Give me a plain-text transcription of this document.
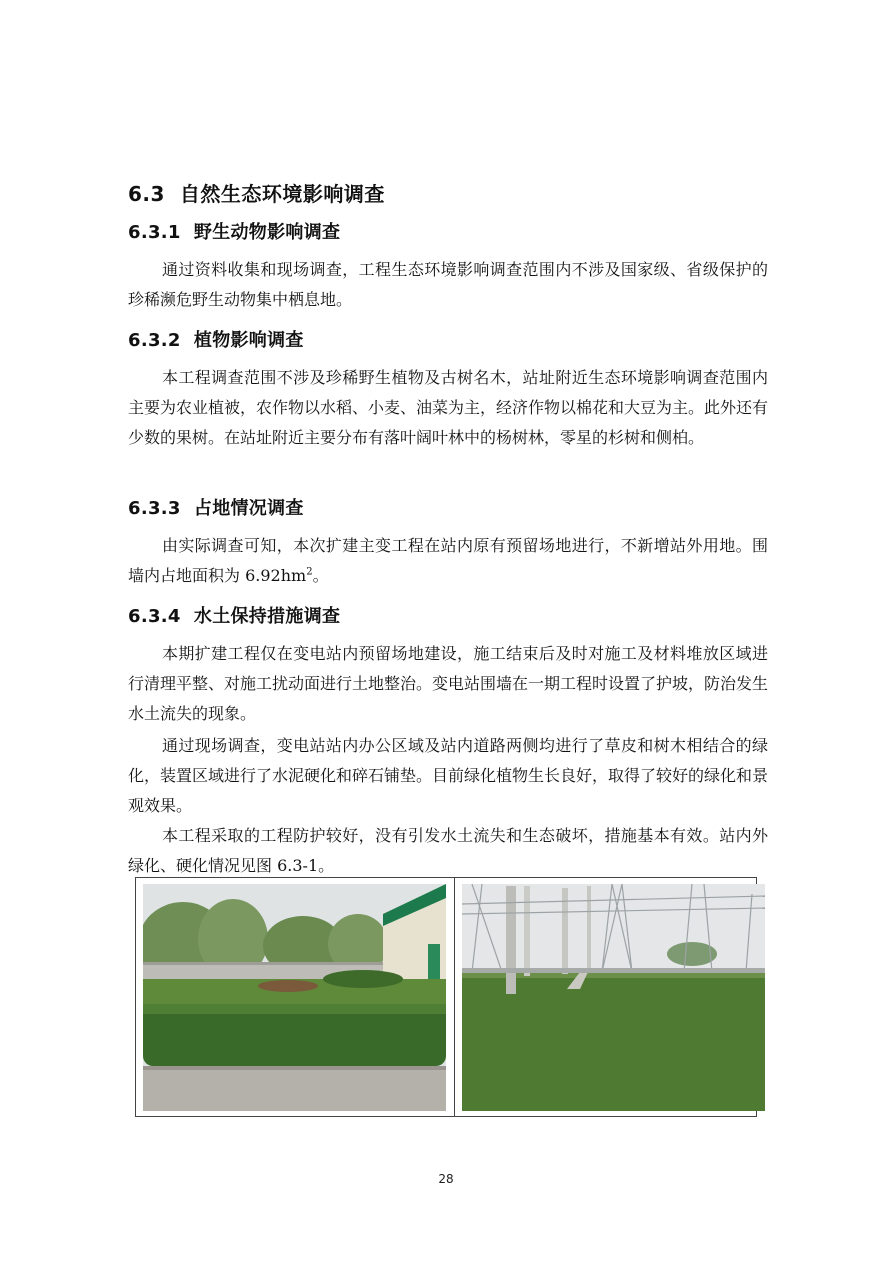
6.3 自然生态环境影响调查
6.3.1 野生动物影响调查

通过资料收集和现场调查，工程生态环境影响调查范围内不涉及国家级、省级保护的珍稀濒危野生动物集中栖息地。

6.3.2 植物影响调查

本工程调查范围不涉及珍稀野生植物及古树名木，站址附近生态环境影响调查范围内主要为农业植被，农作物以水稻、小麦、油菜为主，经济作物以棉花和大豆为主。此外还有少数的果树。在站址附近主要分布有落叶阔叶林中的杨树林，零星的杉树和侧柏。

6.3.3 占地情况调查

由实际调查可知，本次扩建主变工程在站内原有预留场地进行，不新增站外用地。围墙内占地面积为 $6.92hm^2$。

6.3.4 水土保持措施调查

本期扩建工程仅在变电站内预留场地建设，施工结束后及时对施工及材料堆放区域进行清理平整、对施工扰动面进行土地整治。变电站围墙在一期工程时设置了护坡，防治发生水土流失的现象。

通过现场调查，变电站站内办公区域及站内道路两侧均进行了草皮和树木相结合的绿化，装置区域进行了水泥硬化和碎石铺垫。目前绿化植物生长良好，取得了较好的绿化和景观效果。

本工程采取的工程防护较好，没有引发水土流失和生态破坏，措施基本有效。站内外绿化、硬化情况见图 6.3-1。

28
